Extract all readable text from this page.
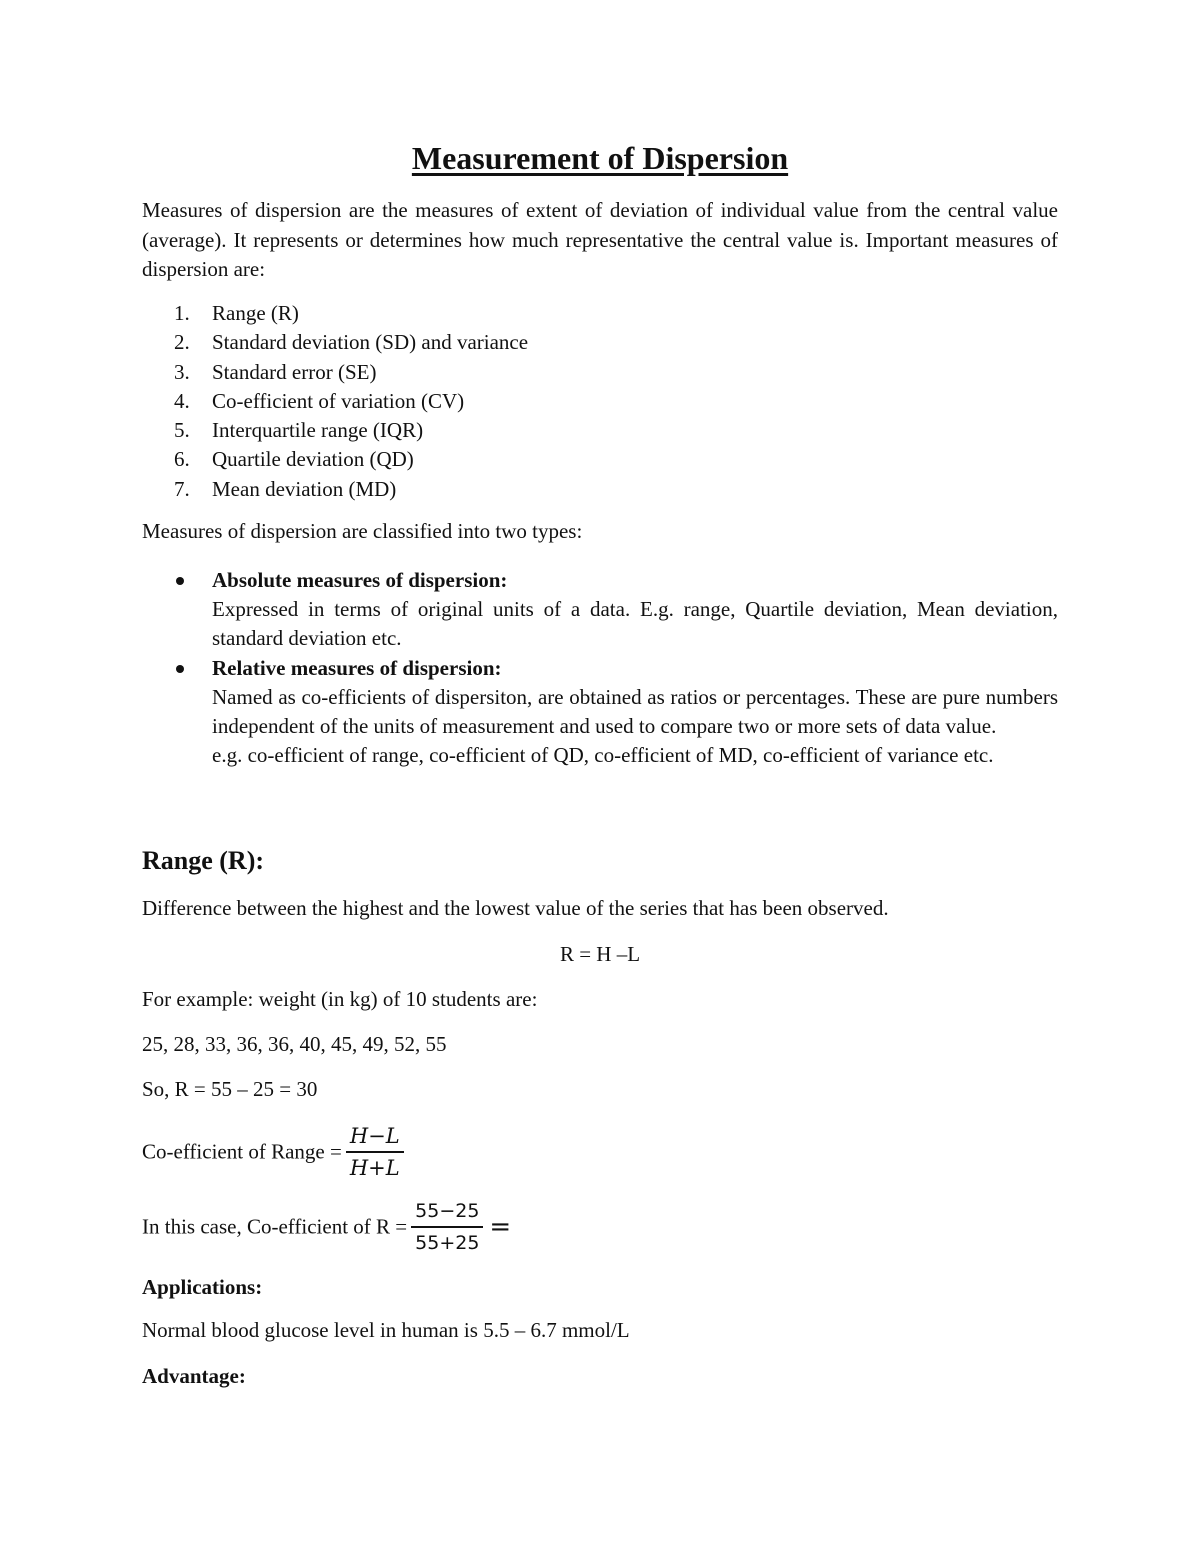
Measurement of Dispersion

Measures of dispersion are the measures of extent of deviation of individual value from the central value (average). It represents or determines how much representative the central value is. Important measures of dispersion are:

1. Range (R)
2. Standard deviation (SD) and variance
3. Standard error (SE)
4. Co-efficient of variation (CV)
5. Interquartile range (IQR)
6. Quartile deviation (QD)
7. Mean deviation (MD)

Measures of dispersion are classified into two types:

Absolute measures of dispersion:
Expressed in terms of original units of a data. E.g. range, Quartile deviation, Mean deviation, standard deviation etc.
Relative measures of dispersion:
Named as co-efficients of dispersiton, are obtained as ratios or percentages. These are pure numbers independent of the units of measurement and used to compare two or more sets of data value.
e.g. co-efficient of range, co-efficient of QD, co-efficient of MD, co-efficient of variance etc.
Range (R):

Difference between the highest and the lowest value of the series that has been observed.

R = H –L

For example: weight (in kg) of 10 students are:

25, 28, 33, 36, 36, 40, 45, 49, 52, 55

So, R = 55 – 25 = 30

Co-efficient of Range = $\frac{H-L}{H+L}$
In this case, Co-efficient of $R = \frac{55-25}{55+25}$ =

Applications:

Normal blood glucose level in human is 5.5 – 6.7 mmol/L

Advantage:
